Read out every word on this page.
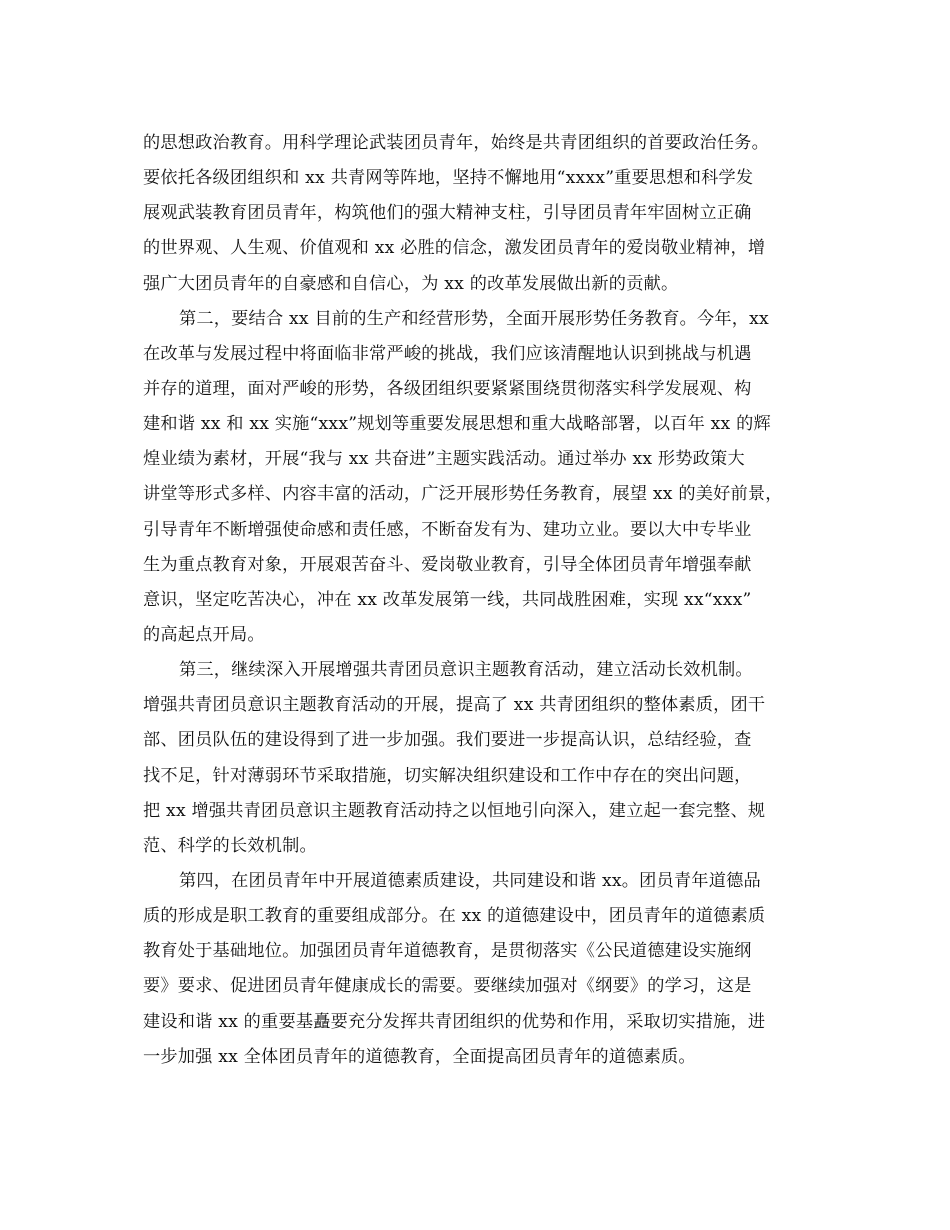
的思想政治教育。用科学理论武装团员青年，始终是共青团组织的首要政治任务。
要依托各级团组织和 xx 共青网等阵地，坚持不懈地用“xxxx”重要思想和科学发
展观武装教育团员青年，构筑他们的强大精神支柱，引导团员青年牢固树立正确
的世界观、人生观、价值观和 xx 必胜的信念，激发团员青年的爱岗敬业精神，增
强广大团员青年的自豪感和自信心，为 xx 的改革发展做出新的贡献。
第二，要结合 xx 目前的生产和经营形势，全面开展形势任务教育。今年，xx
在改革与发展过程中将面临非常严峻的挑战，我们应该清醒地认识到挑战与机遇
并存的道理，面对严峻的形势，各级团组织要紧紧围绕贯彻落实科学发展观、构
建和谐 xx 和 xx 实施“xxx”规划等重要发展思想和重大战略部署，以百年 xx 的辉
煌业绩为素材，开展“我与 xx 共奋进”主题实践活动。通过举办 xx 形势政策大
讲堂等形式多样、内容丰富的活动，广泛开展形势任务教育，展望 xx 的美好前景，
引导青年不断增强使命感和责任感，不断奋发有为、建功立业。要以大中专毕业
生为重点教育对象，开展艰苦奋斗、爱岗敬业教育，引导全体团员青年增强奉献
意识，坚定吃苦决心，冲在 xx 改革发展第一线，共同战胜困难，实现 xx“xxx”
的高起点开局。
第三，继续深入开展增强共青团员意识主题教育活动，建立活动长效机制。
增强共青团员意识主题教育活动的开展，提高了 xx 共青团组织的整体素质，团干
部、团员队伍的建设得到了进一步加强。我们要进一步提高认识，总结经验，查
找不足，针对薄弱环节采取措施，切实解决组织建设和工作中存在的突出问题，
把 xx 增强共青团员意识主题教育活动持之以恒地引向深入，建立起一套完整、规
范、科学的长效机制。
第四，在团员青年中开展道德素质建设，共同建设和谐 xx。团员青年道德品
质的形成是职工教育的重要组成部分。在 xx 的道德建设中，团员青年的道德素质
教育处于基础地位。加强团员青年道德教育，是贯彻落实《公民道德建设实施纲
要》要求、促进团员青年健康成长的需要。要继续加强对《纲要》的学习，这是
建设和谐 xx 的重要基矗要充分发挥共青团组织的优势和作用，采取切实措施，进
一步加强 xx 全体团员青年的道德教育，全面提高团员青年的道德素质。
